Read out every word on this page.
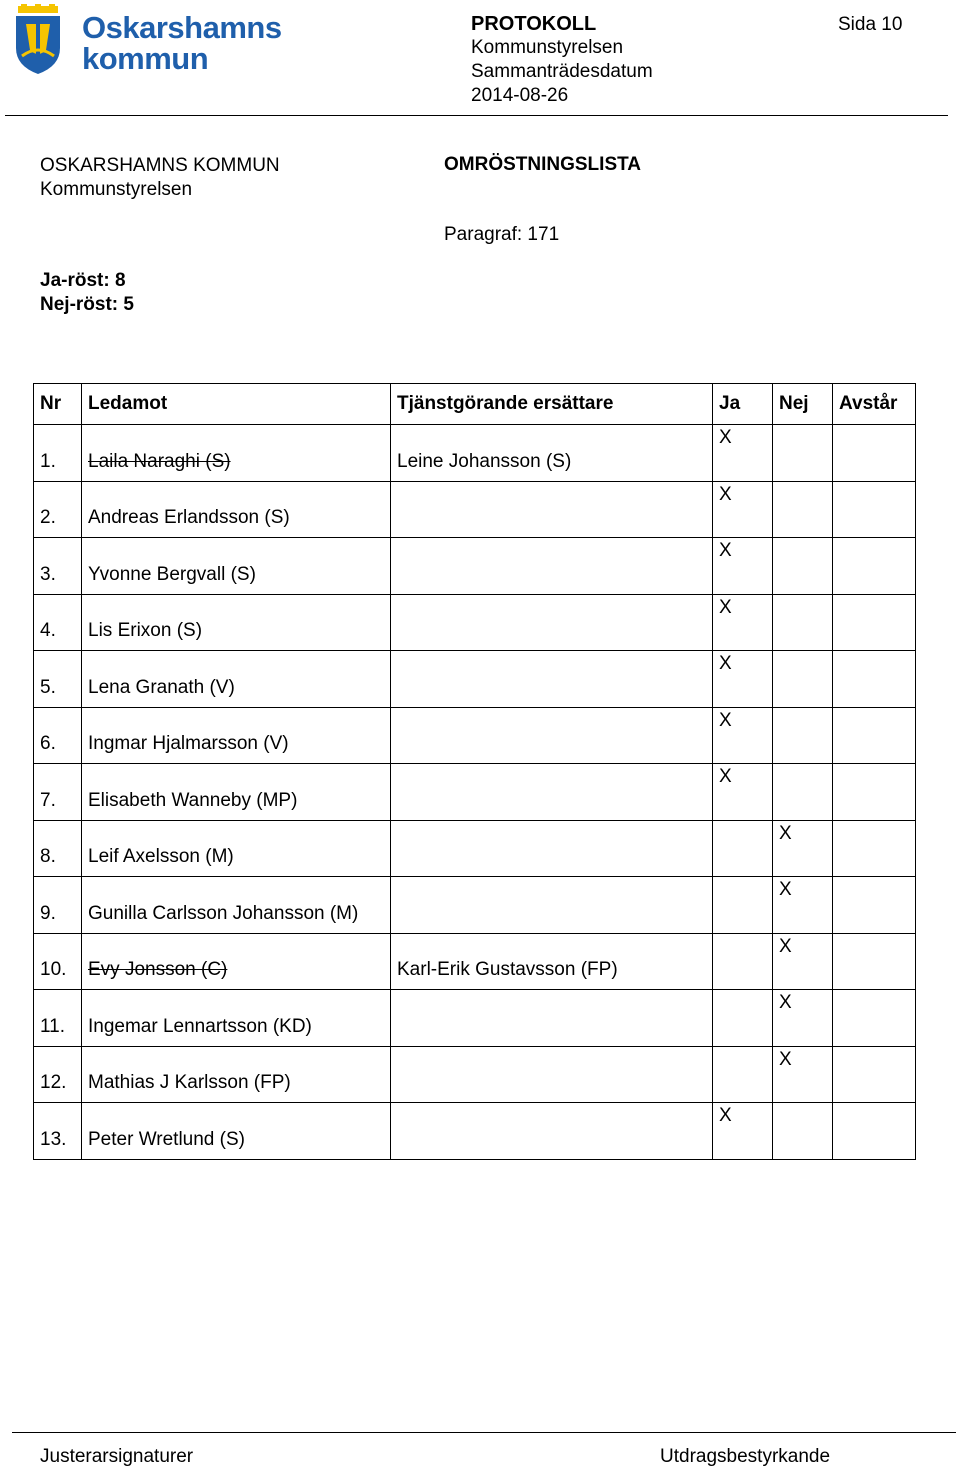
Oskarshamns
kommun
PROTOKOLL
Kommunstyrelsen
Sammanträdesdatum
2014-08-26
Sida 10
OSKARSHAMNS KOMMUN
Kommunstyrelsen
OMRÖSTNINGSLISTA
Paragraf: 171
Ja-röst: 8
Nej-röst: 5
Nr	Ledamot	Tjänstgörande ersättare	Ja	Nej	Avstår

1.	Laila Naraghi (S)	Leine Johansson (S)	X		

2.	Andreas Erlandsson (S)		X		

3.	Yvonne Bergvall (S)		X		

4.	Lis Erixon (S)		X		

5.	Lena Granath (V)		X		

6.	Ingmar Hjalmarsson (V)		X		

7.	Elisabeth Wanneby (MP)		X		

8.	Leif Axelsson (M)			X	

9.	Gunilla Carlsson Johansson (M)			X	

10.	Evy Jonsson (C)	Karl-Erik Gustavsson (FP)		X	

11.	Ingemar Lennartsson (KD)			X	

12.	Mathias J Karlsson (FP)			X	

13.	Peter Wretlund (S)		X		

Justerarsignaturer	Utdragsbestyrkande
